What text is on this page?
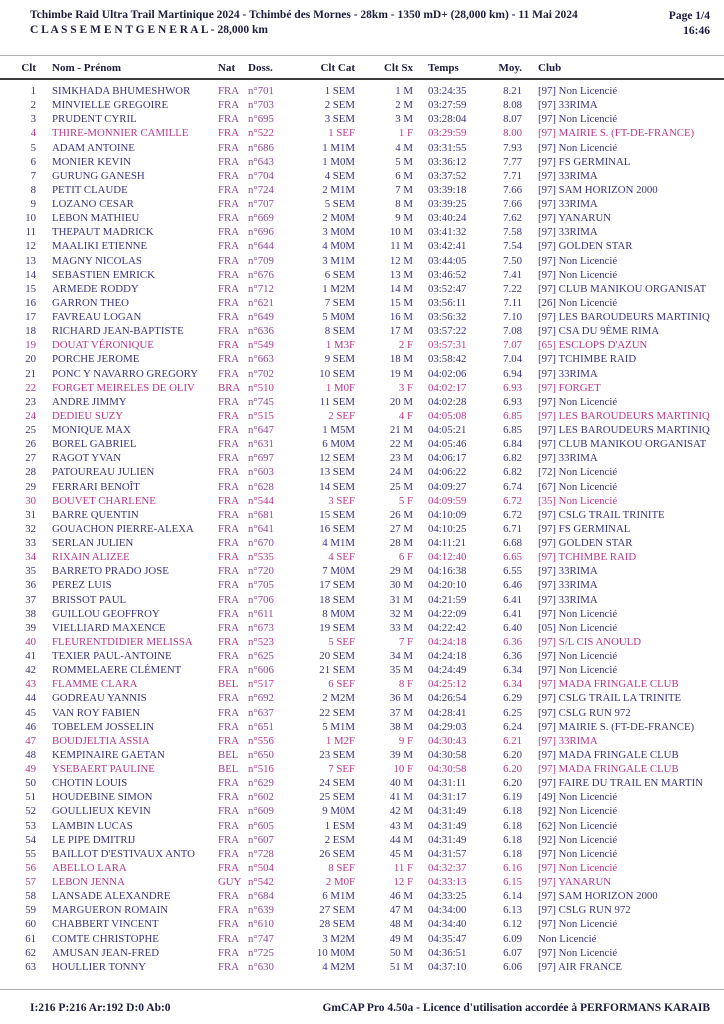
Tchimbe Raid Ultra Trail Martinique 2024 - Tchimbé des Mornes - 28km - 1350 mD+ (28,000 km) - 11 Mai 2024
C L A S S E M E N T G E N E R A L - 28,000 km
Page 1/4
16:46
Clt	Nom - Prénom	Nat	Doss.	Clt Cat	Clt Sx	Temps	Moy.	Club
1	SIMKHADA BHUMESHWOR	FRA n°701	1 SEM	1 M	03:24:35	8.21	[97] Non Licencié
2	MINVIELLE GREGOIRE	FRA n°703	2 SEM	2 M	03:27:59	8.08	[97] 33RIMA
3	PRUDENT CYRIL	FRA n°695	3 SEM	3 M	03:28:04	8.07	[97] Non Licencié
4	THIRE-MONNIER CAMILLE	FRA n°522	1 SEF	1 F	03:29:59	8.00	[97] MAIRIE S. (FT-DE-FRANCE)
5	ADAM ANTOINE	FRA n°686	1 M1M	4 M	03:31:55	7.93	[97] Non Licencié
6	MONIER KEVIN	FRA n°643	1 M0M	5 M	03:36:12	7.77	[97] FS GERMINAL
7	GURUNG GANESH	FRA n°704	4 SEM	6 M	03:37:52	7.71	[97] 33RIMA
8	PETIT CLAUDE	FRA n°724	2 M1M	7 M	03:39:18	7.66	[97] SAM HORIZON 2000
9	LOZANO CESAR	FRA n°707	5 SEM	8 M	03:39:25	7.66	[97] 33RIMA
10	LEBON MATHIEU	FRA n°669	2 M0M	9 M	03:40:24	7.62	[97] YANARUN
11	THEPAUT MADRICK	FRA n°696	3 M0M	10 M	03:41:32	7.58	[97] 33RIMA
12	MAALIKI ETIENNE	FRA n°644	4 M0M	11 M	03:42:41	7.54	[97] GOLDEN STAR
13	MAGNY NICOLAS	FRA n°709	3 M1M	12 M	03:44:05	7.50	[97] Non Licencié
14	SEBASTIEN EMRICK	FRA n°676	6 SEM	13 M	03:46:52	7.41	[97] Non Licencié
15	ARMEDE RODDY	FRA n°712	1 M2M	14 M	03:52:47	7.22	[97] CLUB MANIKOU ORGANISAT
16	GARRON THEO	FRA n°621	7 SEM	15 M	03:56:11	7.11	[26] Non Licencié
17	FAVREAU LOGAN	FRA n°649	5 M0M	16 M	03:56:32	7.10	[97] LES BAROUDEURS MARTINIQ
18	RICHARD JEAN-BAPTISTE	FRA n°636	8 SEM	17 M	03:57:22	7.08	[97] CSA DU 9ÈME RIMA
19	DOUAT VÉRONIQUE	FRA n°549	1 M3F	2 F	03:57:31	7.07	[65] ESCLOPS D'AZUN
20	PORCHE JEROME	FRA n°663	9 SEM	18 M	03:58:42	7.04	[97] TCHIMBE RAID
21	PONC Y NAVARRO GREGORY	FRA n°702	10 SEM	19 M	04:02:06	6.94	[97] 33RIMA
22	FORGET MEIRELES DE OLIV	BRA n°510	1 M0F	3 F	04:02:17	6.93	[97] FORGET
23	ANDRE JIMMY	FRA n°745	11 SEM	20 M	04:02:28	6.93	[97] Non Licencié
24	DEDIEU SUZY	FRA n°515	2 SEF	4 F	04:05:08	6.85	[97] LES BAROUDEURS MARTINIQ
25	MONIQUE MAX	FRA n°647	1 M5M	21 M	04:05:21	6.85	[97] LES BAROUDEURS MARTINIQ
26	BOREL GABRIEL	FRA n°631	6 M0M	22 M	04:05:46	6.84	[97] CLUB MANIKOU ORGANISAT
27	RAGOT YVAN	FRA n°697	12 SEM	23 M	04:06:17	6.82	[97] 33RIMA
28	PATOUREAU JULIEN	FRA n°603	13 SEM	24 M	04:06:22	6.82	[72] Non Licencié
29	FERRARI BENOÎT	FRA n°628	14 SEM	25 M	04:09:27	6.74	[67] Non Licencié
30	BOUVET CHARLENE	FRA n°544	3 SEF	5 F	04:09:59	6.72	[35] Non Licencié
31	BARRE QUENTIN	FRA n°681	15 SEM	26 M	04:10:09	6.72	[97] CSLG TRAIL TRINITE
32	GOUACHON PIERRE-ALEXA	FRA n°641	16 SEM	27 M	04:10:25	6.71	[97] FS GERMINAL
33	SERLAN JULIEN	FRA n°670	4 M1M	28 M	04:11:21	6.68	[97] GOLDEN STAR
34	RIXAIN ALIZEE	FRA n°535	4 SEF	6 F	04:12:40	6.65	[97] TCHIMBE RAID
35	BARRETO PRADO JOSE	FRA n°720	7 M0M	29 M	04:16:38	6.55	[97] 33RIMA
36	PEREZ LUIS	FRA n°705	17 SEM	30 M	04:20:10	6.46	[97] 33RIMA
37	BRISSOT PAUL	FRA n°706	18 SEM	31 M	04:21:59	6.41	[97] 33RIMA
38	GUILLOU GEOFFROY	FRA n°611	8 M0M	32 M	04:22:09	6.41	[97] Non Licencié
39	VIELLIARD MAXENCE	FRA n°673	19 SEM	33 M	04:22:42	6.40	[05] Non Licencié
40	FLEURENTDIDIER MELISSA	FRA n°523	5 SEF	7 F	04:24:18	6.36	[97] S/L CIS ANOULD
41	TEXIER PAUL-ANTOINE	FRA n°625	20 SEM	34 M	04:24:18	6.36	[97] Non Licencié
42	ROMMELAERE CLÉMENT	FRA n°606	21 SEM	35 M	04:24:49	6.34	[97] Non Licencié
43	FLAMME CLARA	BEL n°517	6 SEF	8 F	04:25:12	6.34	[97] MADA FRINGALE CLUB
44	GODREAU YANNIS	FRA n°692	2 M2M	36 M	04:26:54	6.29	[97] CSLG TRAIL LA TRINITE
45	VAN ROY FABIEN	FRA n°637	22 SEM	37 M	04:28:41	6.25	[97] CSLG RUN 972
46	TOBELEM JOSSELIN	FRA n°651	5 M1M	38 M	04:29:03	6.24	[97] MAIRIE S. (FT-DE-FRANCE)
47	BOUDJELTIA ASSIA	FRA n°556	1 M2F	9 F	04:30:43	6.21	[97] 33RIMA
48	KEMPINAIRE GAETAN	BEL n°650	23 SEM	39 M	04:30:58	6.20	[97] MADA FRINGALE CLUB
49	YSEBAERT PAULINE	BEL n°516	7 SEF	10 F	04:30:58	6.20	[97] MADA FRINGALE CLUB
50	CHOTIN LOUIS	FRA n°629	24 SEM	40 M	04:31:11	6.20	[97] FAIRE DU TRAIL EN MARTIN
51	HOUDEBINE SIMON	FRA n°602	25 SEM	41 M	04:31:17	6.19	[49] Non Licencié
52	GOULLIEUX KEVIN	FRA n°609	9 M0M	42 M	04:31:49	6.18	[92] Non Licencié
53	LAMBIN LUCAS	FRA n°605	1 ESM	43 M	04:31:49	6.18	[62] Non Licencié
54	LE PIPE DMITRIJ	FRA n°607	2 ESM	44 M	04:31:49	6.18	[92] Non Licencié
55	BAILLOT D'ESTIVAUX ANTO	FRA n°728	26 SEM	45 M	04:31:57	6.18	[97] Non Licencié
56	ABELLO LARA	FRA n°504	8 SEF	11 F	04:32:37	6.16	[97] Non Licencié
57	LEBON JENNA	GUY n°542	2 M0F	12 F	04:33:13	6.15	[97] YANARUN
58	LANSADE ALEXANDRE	FRA n°684	6 M1M	46 M	04:33:25	6.14	[97] SAM HORIZON 2000
59	MARGUERON ROMAIN	FRA n°639	27 SEM	47 M	04:34:00	6.13	[97] CSLG RUN 972
60	CHABBERT VINCENT	FRA n°610	28 SEM	48 M	04:34:40	6.12	[97] Non Licencié
61	COMTE CHRISTOPHE	FRA n°747	3 M2M	49 M	04:35:47	6.09	Non Licencié
62	AMUSAN JEAN-FRED	FRA n°725	10 M0M	50 M	04:36:51	6.07	[97] Non Licencié
63	HOULLIER TONNY	FRA n°630	4 M2M	51 M	04:37:10	6.06	[97] AIR FRANCE
I:216 P:216 Ar:192 D:0 Ab:0	GmCAP Pro 4.50a - Licence d'utilisation accordée à PERFORMANS KARAIB
